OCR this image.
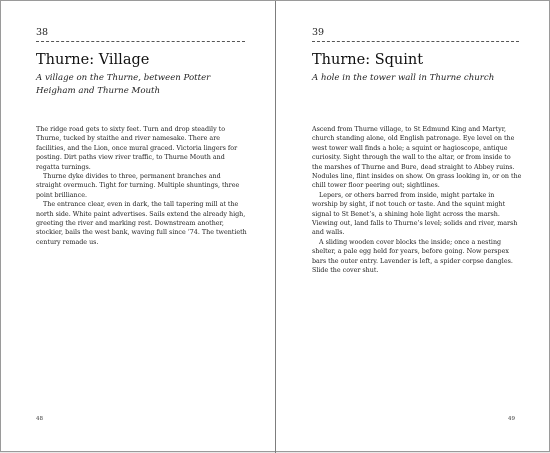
38
Thurne: Village

A village on the Thurne, between Potter Heigham and Thurne Mouth

The ridge road gets to sixty feet. Turn and drop steadily to Thurne, tucked by staithe and river namesake. There are facilities, and the Lion, once mural graced. Victoria lingers for posting. Dirt paths view river traffic, to Thurne Mouth and regatta turnings.

Thurne dyke divides to three, permanent branches and straight overmuch. Tight for turning. Multiple shuntings, three point brilliance.

The entrance clear, even in dark, the tall tapering mill at the north side. White paint advertises. Sails extend the already high, greeting the river and marking rest. Downstream another, stockier, bails the west bank, waving full since ’74. The twentieth century remade us.

48
39
Thurne: Squint

A hole in the tower wall in Thurne church

Ascend from Thurne village, to St Edmund King and Martyr, church standing alone, old English patronage. Eye level on the west tower wall finds a hole; a squint or hagioscope, antique curiosity. Sight through the wall to the altar, or from inside to the marshes of Thurne and Bure, dead straight to Abbey ruins. Nodules line, flint insides on show. On grass looking in, or on the chill tower floor peering out; sightlines.

Lepers, or others barred from inside, might partake in worship by sight, if not touch or taste. And the squint might signal to St Benet’s, a shining hole light across the marsh. Viewing out, land falls to Thurne’s level; solids and river, marsh and walls.

A sliding wooden cover blocks the inside; once a nesting shelter, a pale egg held for years, before going. Now perspex bars the outer entry. Lavender is left, a spider corpse dangles. Slide the cover shut.

49
